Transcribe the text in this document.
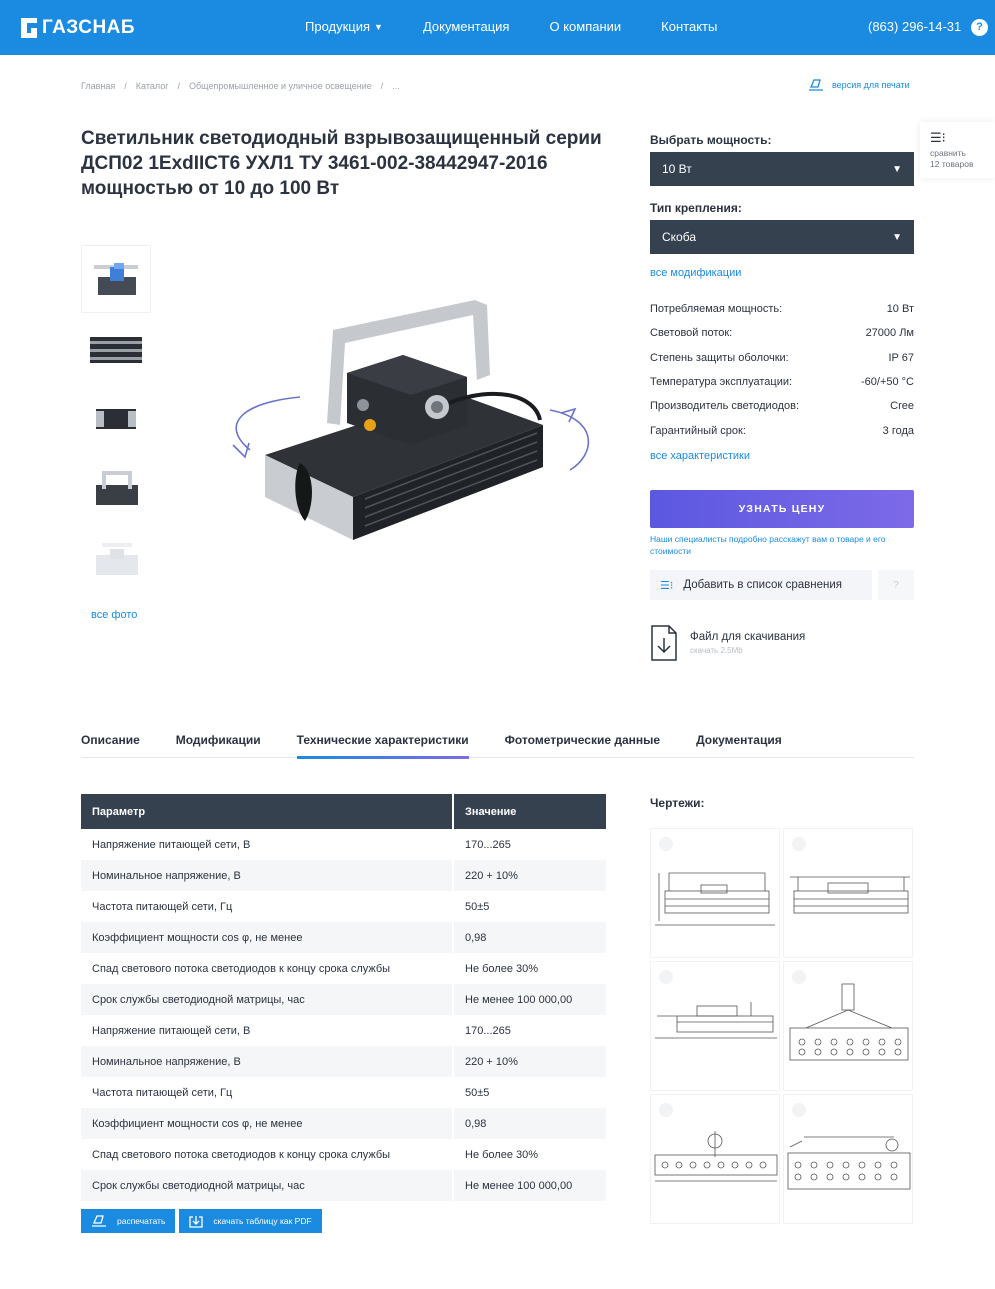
ГАЗСНАБ	Продукция ▼	Документация	О компании	Контакты	(863) 296-14-31	?
Главная / Каталог / Общепромышленное и уличное освещение / ...	версия для печати
☰⁝
сравнить
12 товаров
Светильник светодиодный взрывозащищенный серии ДСП02 1ExdIICT6 УХЛ1 ТУ 3461-002-38442947-2016 мощностью от 10 до 100 Вт
все фото
Выбрать мощность:
10 Вт	▼
Тип крепления:
Скоба	▼
все модификации
Потребляемая мощность:	10 Вт
Световой поток:	27000 Лм
Степень защиты оболочки:	IP 67
Температура эксплуатации:	-60/+50 °С
Производитель светодиодов:	Cree
Гарантийный срок:	3 года
все характеристики
УЗНАТЬ ЦЕНУ
Наши специалисты подробно расскажут вам о товаре и его стоимости
☰⁝ Добавить в список сравнения	?
Файл для скачивания
скачать 2.5Mb
Описание	Модификации	Технические характеристики	Фотометрические данные	Документация
Параметр	Значение
Напряжение питающей сети, В	170...265
Номинальное напряжение, В	220 + 10%
Частота питающей сети, Гц	50±5
Коэффициент мощности cos φ, не менее	0,98
Спад светового потока светодиодов к концу срока службы	Не более 30%
Срок службы светодиодной матрицы, час	Не менее 100 000,00
Напряжение питающей сети, В	170...265
Номинальное напряжение, В	220 + 10%
Частота питающей сети, Гц	50±5
Коэффициент мощности cos φ, не менее	0,98
Спад светового потока светодиодов к концу срока службы	Не более 30%
Срок службы светодиодной матрицы, час	Не менее 100 000,00
распечатать	скачать таблицу как PDF
Чертежи:
